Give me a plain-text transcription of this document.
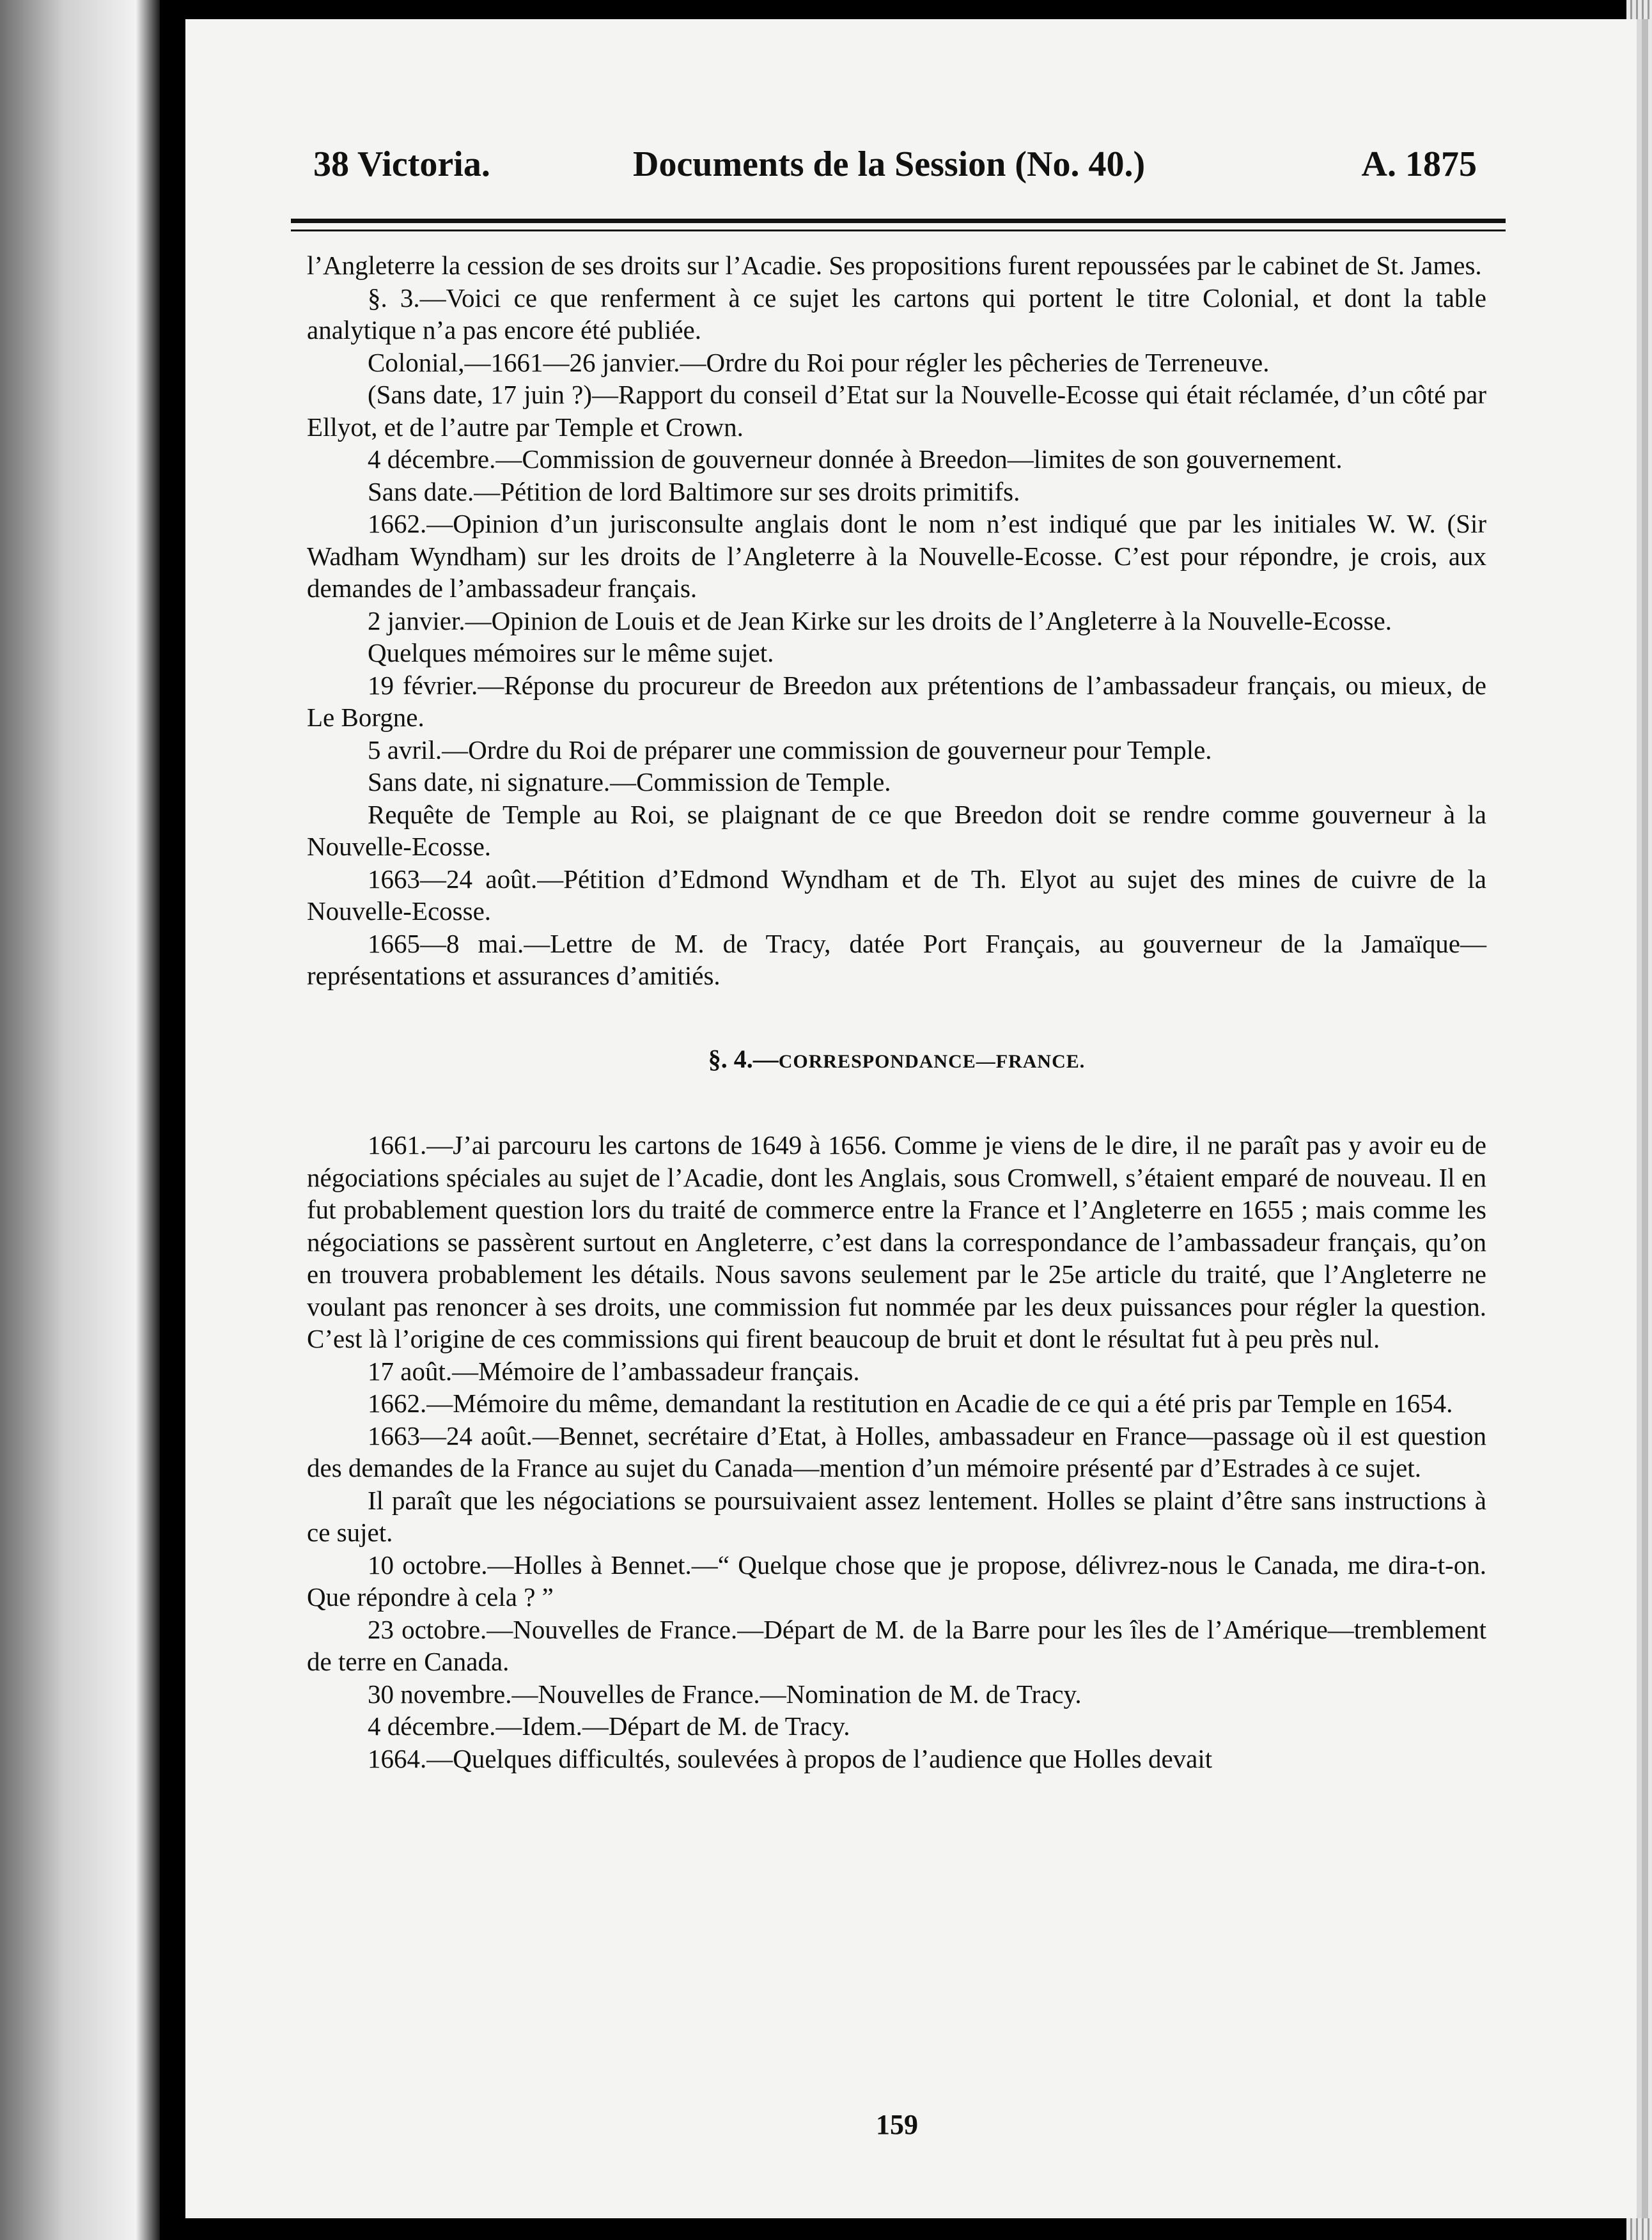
38 Victoria.	Documents de la Session (No. 40.)	A. 1875

l’Angleterre la cession de ses droits sur l’Acadie. Ses propositions furent repoussées par le cabinet de St. James.

§. 3.—Voici ce que renferment à ce sujet les cartons qui portent le titre Colonial, et dont la table analytique n’a pas encore été publiée.

Colonial,—1661—26 janvier.—Ordre du Roi pour régler les pêcheries de Terreneuve.

(Sans date, 17 juin ?)—Rapport du conseil d’Etat sur la Nouvelle-Ecosse qui était réclamée, d’un côté par Ellyot, et de l’autre par Temple et Crown.

4 décembre.—Commission de gouverneur donnée à Breedon—limites de son gouvernement.

Sans date.—Pétition de lord Baltimore sur ses droits primitifs.

1662.—Opinion d’un jurisconsulte anglais dont le nom n’est indiqué que par les initiales W. W. (Sir Wadham Wyndham) sur les droits de l’Angleterre à la Nouvelle-Ecosse. C’est pour répondre, je crois, aux demandes de l’ambassadeur français.

2 janvier.—Opinion de Louis et de Jean Kirke sur les droits de l’Angleterre à la Nouvelle-Ecosse.

Quelques mémoires sur le même sujet.

19 février.—Réponse du procureur de Breedon aux prétentions de l’ambassadeur français, ou mieux, de Le Borgne.

5 avril.—Ordre du Roi de préparer une commission de gouverneur pour Temple.

Sans date, ni signature.—Commission de Temple.

Requête de Temple au Roi, se plaignant de ce que Breedon doit se rendre comme gouverneur à la Nouvelle-Ecosse.

1663—24 août.—Pétition d’Edmond Wyndham et de Th. Elyot au sujet des mines de cuivre de la Nouvelle-Ecosse.

1665—8 mai.—Lettre de M. de Tracy, datée Port Français, au gouverneur de la Jamaïque—représentations et assurances d’amitiés.

§. 4.—CORRESPONDANCE—FRANCE.

1661.—J’ai parcouru les cartons de 1649 à 1656. Comme je viens de le dire, il ne paraît pas y avoir eu de négociations spéciales au sujet de l’Acadie, dont les Anglais, sous Cromwell, s’étaient emparé de nouveau. Il en fut probablement question lors du traité de commerce entre la France et l’Angleterre en 1655 ; mais comme les négociations se passèrent surtout en Angleterre, c’est dans la correspondance de l’ambassadeur français, qu’on en trouvera probablement les détails. Nous savons seulement par le 25e article du traité, que l’Angleterre ne voulant pas renoncer à ses droits, une commission fut nommée par les deux puissances pour régler la question. C’est là l’origine de ces commissions qui firent beaucoup de bruit et dont le résultat fut à peu près nul.

17 août.—Mémoire de l’ambassadeur français.

1662.—Mémoire du même, demandant la restitution en Acadie de ce qui a été pris par Temple en 1654.

1663—24 août.—Bennet, secrétaire d’Etat, à Holles, ambassadeur en France—passage où il est question des demandes de la France au sujet du Canada—mention d’un mémoire présenté par d’Estrades à ce sujet.

Il paraît que les négociations se poursuivaient assez lentement. Holles se plaint d’être sans instructions à ce sujet.

10 octobre.—Holles à Bennet.—“ Quelque chose que je propose, délivrez-nous le Canada, me dira-t-on. Que répondre à cela ? ”

23 octobre.—Nouvelles de France.—Départ de M. de la Barre pour les îles de l’Amérique—tremblement de terre en Canada.

30 novembre.—Nouvelles de France.—Nomination de M. de Tracy.

4 décembre.—Idem.—Départ de M. de Tracy.

1664.—Quelques difficultés, soulevées à propos de l’audience que Holles devait

159
